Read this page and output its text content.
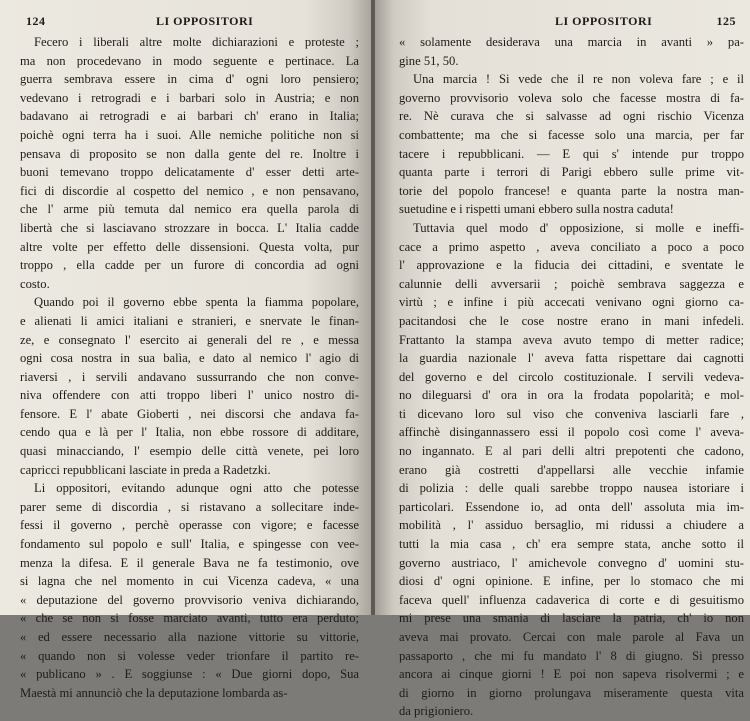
124	LI OPPOSITORI

Fecero i liberali altre molte dichiarazioni e proteste ;

ma non procedevano in modo seguente e pertinace. La

guerra sembrava essere in cima d' ogni loro pensiero;

vedevano i retrogradi e i barbari solo in Austria; e non

badavano ai retrogradi e ai barbari ch' erano in Italia;

poichè ogni terra ha i suoi. Alle nemiche politiche non si

pensava di proposito se non dalla gente del re. Inoltre i

buoni temevano troppo delicatamente d' esser detti arte-

fici di discordie al cospetto del nemico , e non pensavano,

che l' arme più temuta dal nemico era quella parola di

libertà che si lasciavano strozzare in bocca. L' Italia cadde

altre volte per effetto delle dissensioni. Questa volta, pur

troppo , ella cadde per un furore di concordia ad ogni

costo.

Quando poi il governo ebbe spenta la fiamma popolare,

e alienati li amici italiani e stranieri, e snervate le finan-

ze, e consegnato l' esercito ai generali del re , e messa

ogni cosa nostra in sua balìa, e dato al nemico l' agio di

riaversi , i servili andavano sussurrando che non conve-

niva offendere con atti troppo liberi l' unico nostro di-

fensore. E l' abate Gioberti , nei discorsi che andava fa-

cendo qua e là per l' Italia, non ebbe rossore di additare,

quasi minacciando, l' esempio delle città venete, pei loro

capricci repubblicani lasciate in preda a Radetzki.

Li oppositori, evitando adunque ogni atto che potesse

parer seme di discordia , si ristavano a sollecitare inde-

fessi il governo , perchè operasse con vigore; e facesse

fondamento sul popolo e sull' Italia, e spingesse con vee-

menza la difesa. E il generale Bava ne fa testimonio, ove

si lagna che nel momento in cui Vicenza cadeva, « una

« deputazione del governo provvisorio veniva dichiarando,

« che se non si fosse marciato avanti, tutto era perduto;

« ed essere necessario alla nazione vittorie su vittorie,

« quando non si volesse veder trionfare il partito re-

« publicano » . E soggiunse : « Due giorni dopo, Sua

Maestà mi annunciò che la deputazione lombarda as-

LI OPPOSITORI	125

« solamente desiderava una marcia in avanti » pa-

gine 51, 50.

Una marcia ! Si vede che il re non voleva fare ; e il

governo provvisorio voleva solo che facesse mostra di fa-

re. Nè curava che si salvasse ad ogni rischio Vicenza

combattente; ma che si facesse solo una marcia, per far

tacere i repubblicani. — E qui s' intende pur troppo

quanta parte i terrori di Parigi ebbero sulle prime vit-

torie del popolo francese! e quanta parte la nostra man-

suetudine e i rispetti umani ebbero sulla nostra caduta!

Tuttavia quel modo d' opposizione, si molle e ineffi-

cace a primo aspetto , aveva conciliato a poco a poco

l' approvazione e la fiducia dei cittadini, e sventate le

calunnie delli avversarii ; poichè sembrava saggezza e

virtù ; e infine i più accecati venivano ogni giorno ca-

pacitandosi che le cose nostre erano in mani infedeli.

Frattanto la stampa aveva avuto tempo di metter radice;

la guardia nazionale l' aveva fatta rispettare dai cagnotti

del governo e del circolo costituzionale. I servili vedeva-

no dileguarsi d' ora in ora la frodata popolarità; e mol-

ti dicevano loro sul viso che conveniva lasciarli fare ,

affinchè disingannassero essi il popolo così come l' aveva-

no ingannato. E al pari delli altri prepotenti che cadono,

erano già costretti d'appellarsi alle vecchie infamie

di polizia : delle quali sarebbe troppo nausea istoriare i

particolari. Essendone io, ad onta dell' assoluta mia im-

mobilità , l' assiduo bersaglio, mi ridussi a chiudere a

tutti la mia casa , ch' era sempre stata, anche sotto il

governo austriaco, l' amichevole convegno d' uomini stu-

diosi d' ogni opinione. E infine, per lo stomaco che mi

faceva quell' influenza cadaverica di corte e di gesuitismo

mi prese una smania di lasciare la patria, ch' io non

aveva mai provato. Cercai con male parole al Fava un

passaporto , che mi fu mandato l' 8 di giugno. Si presso

ancora ai cinque giorni ! E poi non sapeva risolvermi ; e

di giorno in giorno prolungava miseramente questa vita

da prigioniero.
